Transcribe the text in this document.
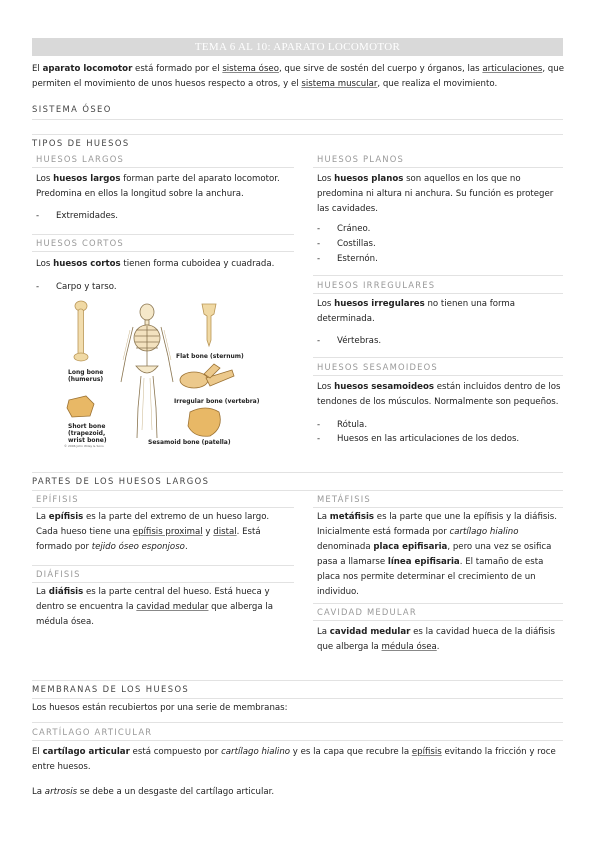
TEMA 6 AL 10: APARATO LOCOMOTOR
El aparato locomotor está formado por el sistema óseo, que sirve de sostén del cuerpo y órganos, las articulaciones, que permiten el movimiento de unos huesos respecto a otros, y el sistema muscular, que realiza el movimiento.
SISTEMA ÓSEO
TIPOS DE HUESOS
HUESOS LARGOS
Los huesos largos forman parte del aparato locomotor. Predomina en ellos la longitud sobre la anchura.
- Extremidades.
HUESOS CORTOS
Los huesos cortos tienen forma cuboidea y cuadrada.
- Carpo y tarso.
Long bone
(humerus)
Short bone
(trapezoid,
wrist bone)
Flat bone (sternum)
Irregular bone (vertebra)
Sesamoid bone (patella)
© 2006 John Wiley & Sons
HUESOS PLANOS
Los huesos planos son aquellos en los que no predomina ni altura ni anchura. Su función es proteger las cavidades.
- Cráneo.
- Costillas.
- Esternón.
HUESOS IRREGULARES
Los huesos irregulares no tienen una forma determinada.
- Vértebras.
HUESOS SESAMOIDEOS
Los huesos sesamoideos están incluidos dentro de los tendones de los músculos. Normalmente son pequeños.
- Rótula.
- Huesos en las articulaciones de los dedos.
PARTES DE LOS HUESOS LARGOS
EPÍFISIS
La epífisis es la parte del extremo de un hueso largo. Cada hueso tiene una epífisis proximal y distal. Está formado por tejido óseo esponjoso.
DIÁFISIS
La diáfisis es la parte central del hueso. Está hueca y dentro se encuentra la cavidad medular que alberga la médula ósea.
METÁFISIS
La metáfisis es la parte que une la epífisis y la diáfisis. Inicialmente está formada por cartílago hialino denominada placa epifisaria, pero una vez se osifica pasa a llamarse línea epifisaria. El tamaño de esta placa nos permite determinar el crecimiento de un individuo.
CAVIDAD MEDULAR
La cavidad medular es la cavidad hueca de la diáfisis que alberga la médula ósea.
MEMBRANAS DE LOS HUESOS
Los huesos están recubiertos por una serie de membranas:
CARTÍLAGO ARTICULAR
El cartílago articular está compuesto por cartílago hialino y es la capa que recubre la epífisis evitando la fricción y roce entre huesos.
La artrosis se debe a un desgaste del cartílago articular.
